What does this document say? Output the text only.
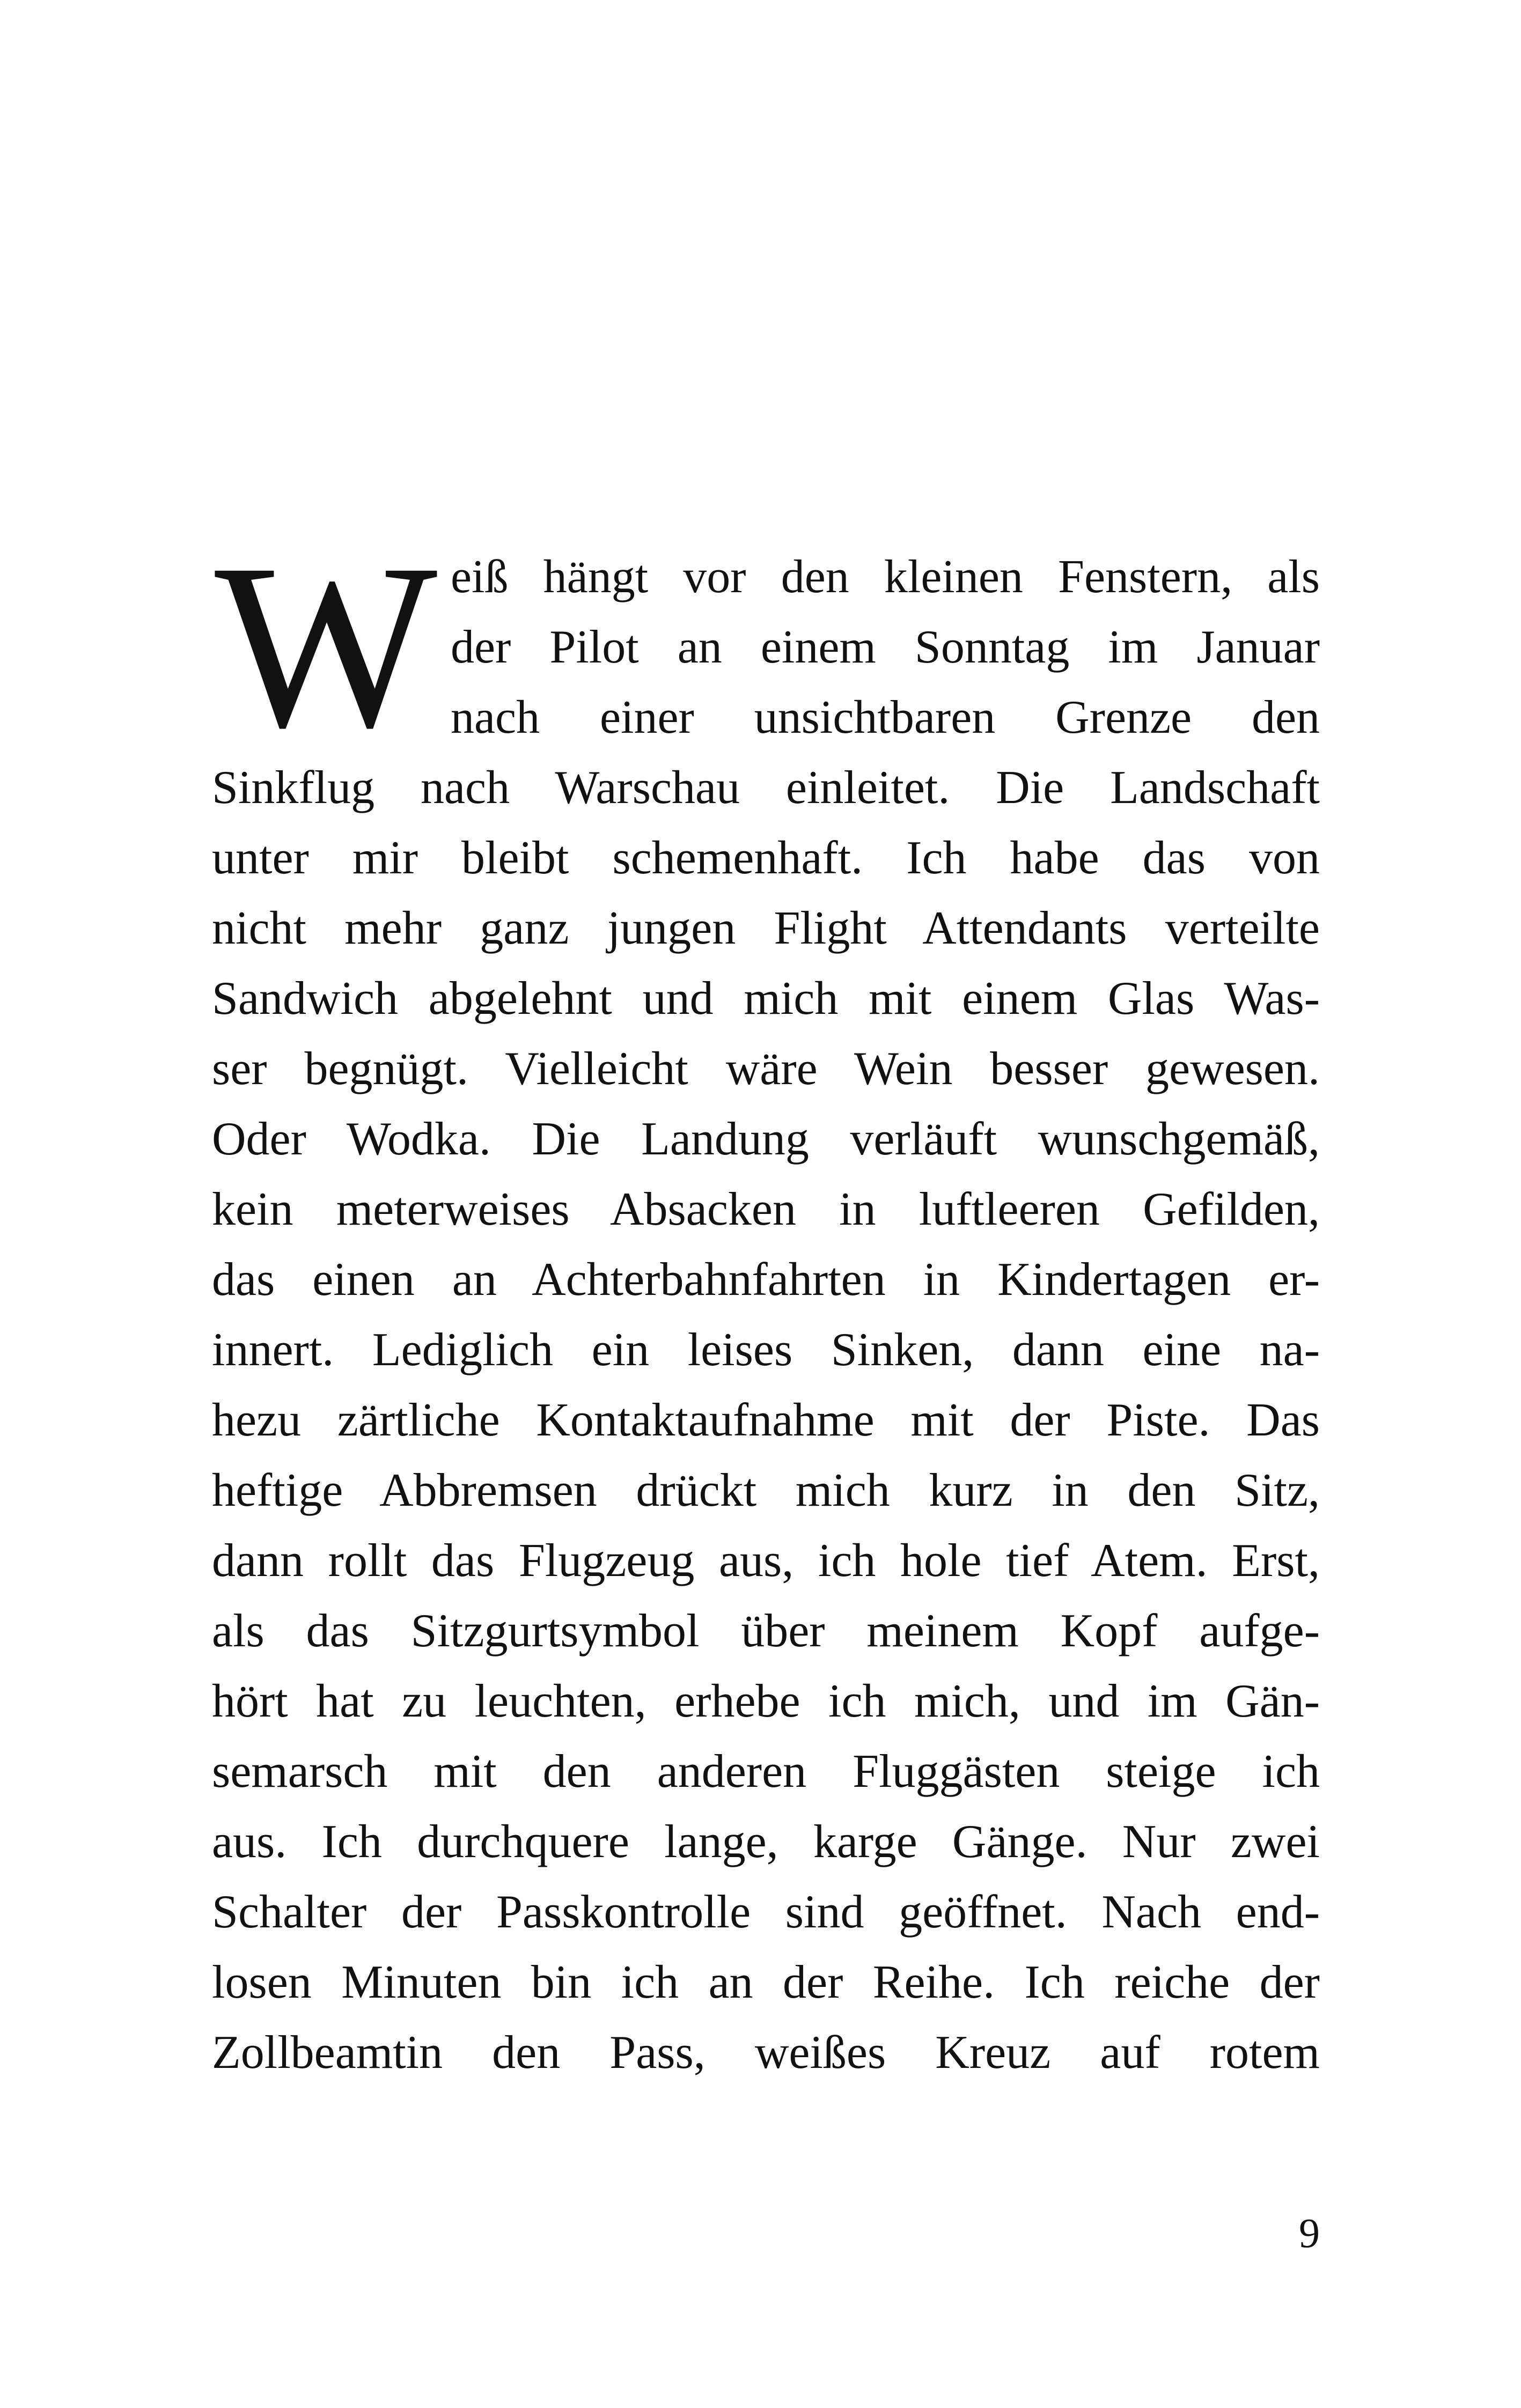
W eiß hängt vor den kleinen Fenstern, als
der Pilot an einem Sonntag im Januar
nach einer unsichtbaren Grenze den
Sinkflug nach Warschau einleitet. Die Landschaft
unter mir bleibt schemenhaft. Ich habe das von
nicht mehr ganz jungen Flight Attendants verteilte
Sandwich abgelehnt und mich mit einem Glas Was-
ser begnügt. Vielleicht wäre Wein besser gewesen.
Oder Wodka. Die Landung verläuft wunschgemäß,
kein meterweises Absacken in luftleeren Gefilden,
das einen an Achterbahnfahrten in Kindertagen er-
innert. Lediglich ein leises Sinken, dann eine na-
hezu zärtliche Kontaktaufnahme mit der Piste. Das
heftige Abbremsen drückt mich kurz in den Sitz,
dann rollt das Flugzeug aus, ich hole tief Atem. Erst,
als das Sitzgurtsymbol über meinem Kopf aufge-
hört hat zu leuchten, erhebe ich mich, und im Gän-
semarsch mit den anderen Fluggästen steige ich
aus. Ich durchquere lange, karge Gänge. Nur zwei
Schalter der Passkontrolle sind geöffnet. Nach end-
losen Minuten bin ich an der Reihe. Ich reiche der
Zollbeamtin den Pass, weißes Kreuz auf rotem
9
